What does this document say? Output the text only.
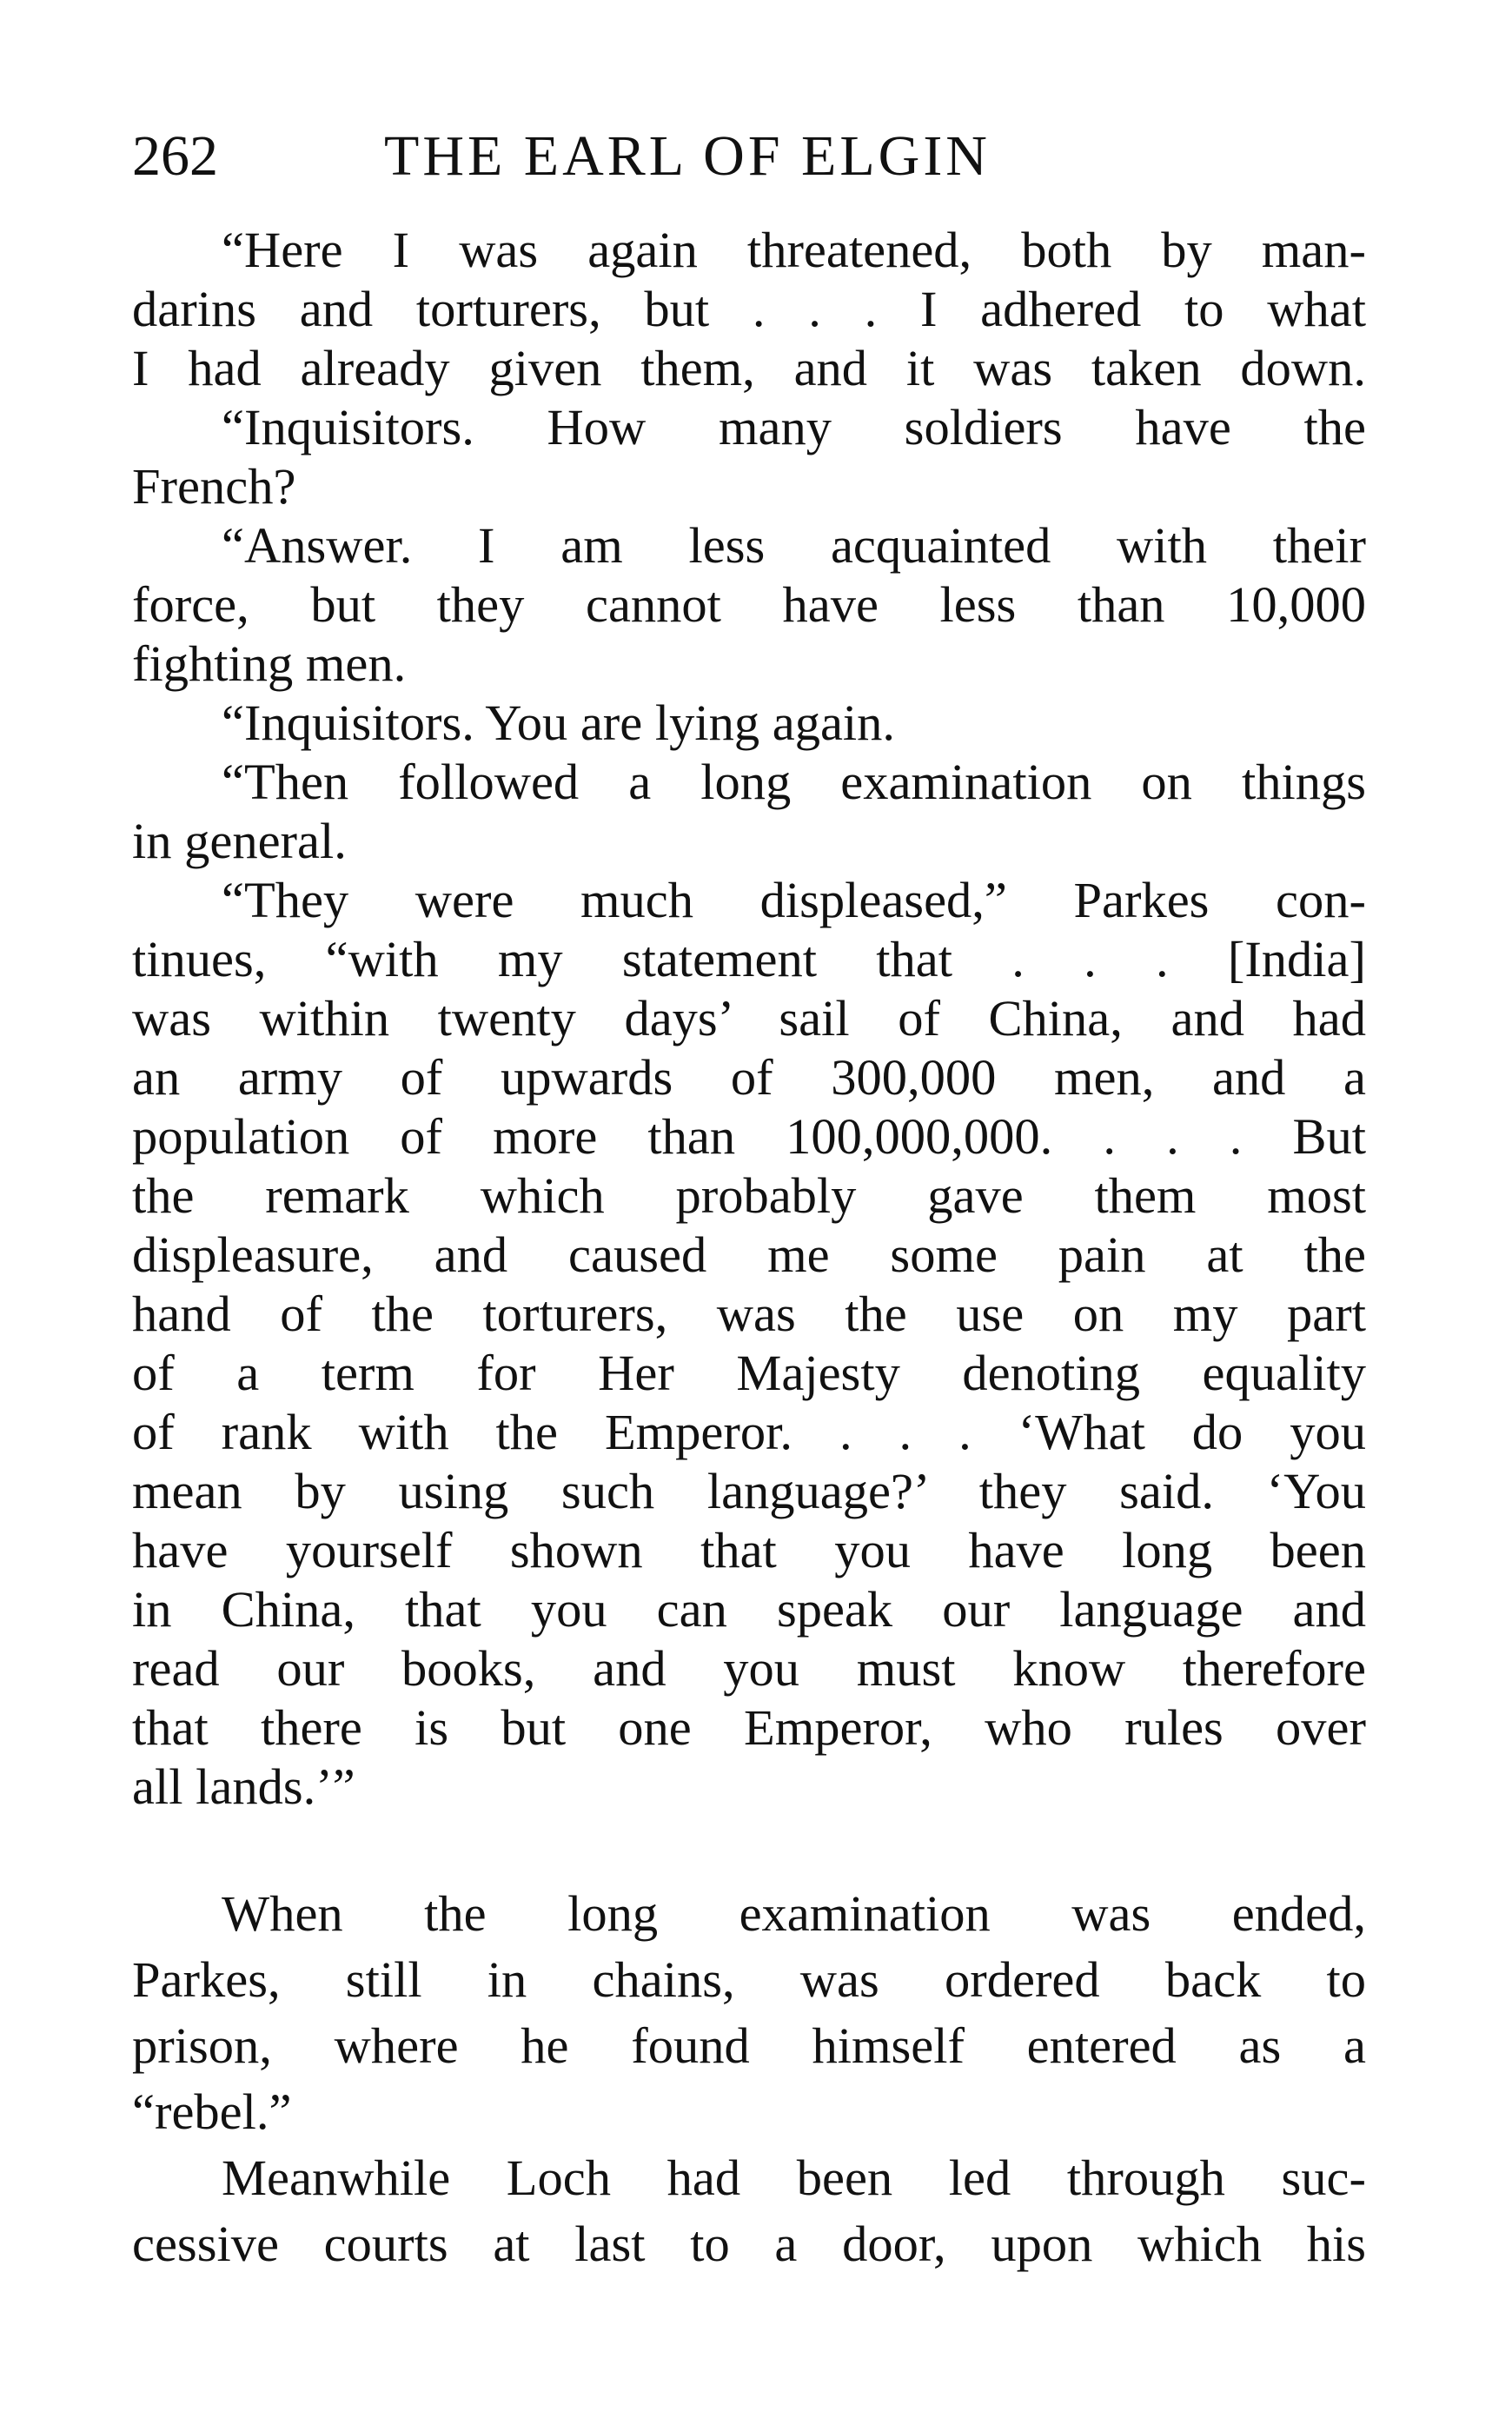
262	THE EARL OF ELGIN
“Here I was again threatened, both by man-
darins and torturers, but . . . I adhered to what
I had already given them, and it was taken down.
“Inquisitors. How many soldiers have the
French?
“Answer. I am less acquainted with their
force, but they cannot have less than 10,000
fighting men.
“Inquisitors. You are lying again.
“Then followed a long examination on things
in general.
“They were much displeased,” Parkes con-
tinues, “with my statement that . . . [India]
was within twenty days’ sail of China, and had
an army of upwards of 300,000 men, and a
population of more than 100,000,000. . . . But
the remark which probably gave them most
displeasure, and caused me some pain at the
hand of the torturers, was the use on my part
of a term for Her Majesty denoting equality
of rank with the Emperor. . . . ‘What do you
mean by using such language?’ they said. ‘You
have yourself shown that you have long been
in China, that you can speak our language and
read our books, and you must know therefore
that there is but one Emperor, who rules over
all lands.’”
When the long examination was ended,
Parkes, still in chains, was ordered back to
prison, where he found himself entered as a
“rebel.”
Meanwhile Loch had been led through suc-
cessive courts at last to a door, upon which his
